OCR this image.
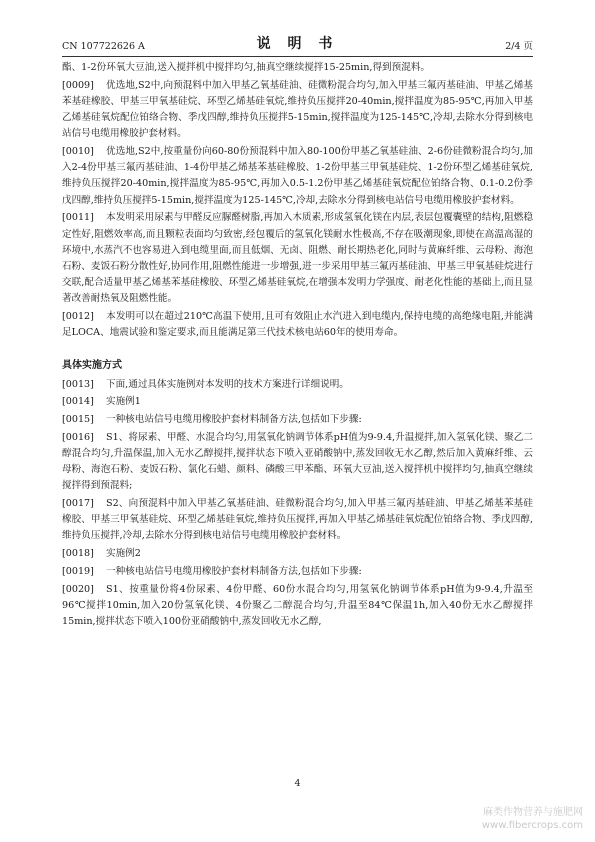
CN 107722626 A	说 明 书	2/4 页
酯、1-2份环氧大豆油,送入搅拌机中搅拌均匀,抽真空继续搅拌15-25min,得到预混料。
[0009] 优选地,S2中,向预混料中加入甲基乙氧基硅油、硅微粉混合均匀,加入甲基三氟丙基硅油、甲基乙烯基苯基硅橡胶、甲基三甲氧基硅烷、环型乙烯基硅氧烷,维持负压搅拌20-40min,搅拌温度为85-95℃,再加入甲基乙烯基硅氧烷配位铂络合物、季戊四醇,维持负压搅拌5-15min,搅拌温度为125-145℃,冷却,去除水分得到核电站信号电缆用橡胶护套材料。
[0010] 优选地,S2中,按重量份向60-80份预混料中加入80-100份甲基乙氧基硅油、2-6份硅微粉混合均匀,加入2-4份甲基三氟丙基硅油、1-4份甲基乙烯基苯基硅橡胶、1-2份甲基三甲氧基硅烷、1-2份环型乙烯基硅氧烷,维持负压搅拌20-40min,搅拌温度为85-95℃,再加入0.5-1.2份甲基乙烯基硅氧烷配位铂络合物、0.1-0.2份季戊四醇,维持负压搅拌5-15min,搅拌温度为125-145℃,冷却,去除水分得到核电站信号电缆用橡胶护套材料。
[0011] 本发明采用尿素与甲醛反应脲醛树脂,再加入木质素,形成氢氧化镁在内层,表层包覆囊壁的结构,阻燃稳定性好,阻燃效率高,而且颗粒表面均匀致密,经包覆后的氢氧化镁耐水性极高,不存在吸潮现象,即使在高温高湿的环境中,水蒸汽不也容易进入到电缆里面,而且低烟、无卤、阻燃、耐长期热老化,同时与黄麻纤维、云母粉、海泡石粉、麦饭石粉分散性好,协同作用,阻燃性能进一步增强,进一步采用甲基三氟丙基硅油、甲基三甲氧基硅烷进行交联,配合适量甲基乙烯基苯基硅橡胶、环型乙烯基硅氧烷,在增强本发明力学强度、耐老化性能的基础上,而且显著改善耐热氧及阻燃性能。
[0012] 本发明可以在超过210℃高温下使用,且可有效阻止水汽进入到电缆内,保持电缆的高绝缘电阻,并能满足LOCA、地震试验和鉴定要求,而且能满足第三代技术核电站60年的使用寿命。
具体实施方式
[0013] 下面,通过具体实施例对本发明的技术方案进行详细说明。
[0014] 实施例1
[0015] 一种核电站信号电缆用橡胶护套材料制备方法,包括如下步骤:
[0016] S1、将尿素、甲醛、水混合均匀,用氢氧化钠调节体系pH值为9-9.4,升温搅拌,加入氢氧化镁、聚乙二醇混合均匀,升温保温,加入无水乙醇搅拌,搅拌状态下喷入亚硝酸钠中,蒸发回收无水乙醇,然后加入黄麻纤维、云母粉、海泡石粉、麦饭石粉、氯化石蜡、颜料、磷酸三甲苯酯、环氧大豆油,送入搅拌机中搅拌均匀,抽真空继续搅拌得到预混料;
[0017] S2、向预混料中加入甲基乙氧基硅油、硅微粉混合均匀,加入甲基三氟丙基硅油、甲基乙烯基苯基硅橡胶、甲基三甲氧基硅烷、环型乙烯基硅氧烷,维持负压搅拌,再加入甲基乙烯基硅氧烷配位铂络合物、季戊四醇,维持负压搅拌,冷却,去除水分得到核电站信号电缆用橡胶护套材料。
[0018] 实施例2
[0019] 一种核电站信号电缆用橡胶护套材料制备方法,包括如下步骤:
[0020] S1、按重量份将4份尿素、4份甲醛、60份水混合均匀,用氢氧化钠调节体系pH值为9-9.4,升温至96℃搅拌10min,加入20份氢氧化镁、4份聚乙二醇混合均匀,升温至84℃保温1h,加入40份无水乙醇搅拌15min,搅拌状态下喷入100份亚硝酸钠中,蒸发回收无水乙醇,
4
麻类作物营养与施肥网
www.fibercrops.com
